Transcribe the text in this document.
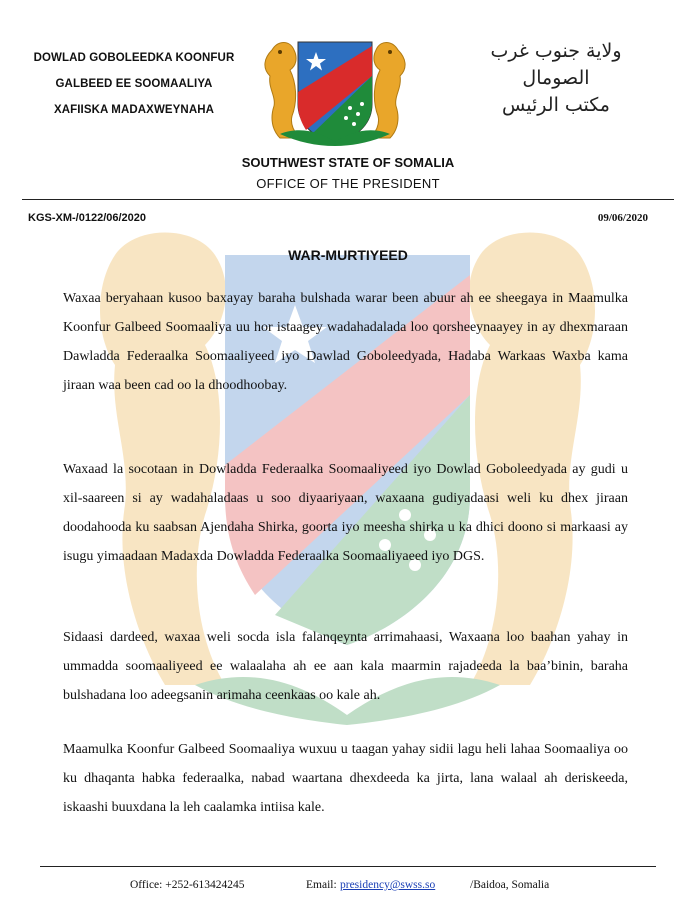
DOWLAD GOBOLEEDKA KOONFUR
GALBEED EE SOOMAALIYA
XAFIISKA MADAXWEYNAHA
ولاية جنوب غرب
الصومال
مكتب الرئيس
SOUTHWEST STATE OF SOMALIA
OFFICE OF THE PRESIDENT
KGS-XM-/0122/06/2020	09/06/2020
WAR-MURTIYEED

Waxaa beryahaan kusoo baxayay baraha bulshada warar been abuur ah ee sheegaya in Maamulka Koonfur Galbeed Soomaaliya uu hor istaagey wadahadalada loo qorsheeynaayey in ay dhexmaraan Dawladda Federaalka Soomaaliyeed iyo Dawlad Goboleedyada, Hadaba Warkaas Waxba kama jiraan waa been cad oo la dhoodhoobay.

Waxaad la socotaan in Dowladda Federaalka Soomaaliyeed iyo Dowlad Goboleedyada ay gudi u xil-saareen si ay wadahaladaas u soo diyaariyaan, waxaana gudiyadaasi weli ku dhex jiraan doodahooda ku saabsan Ajendaha Shirka, goorta iyo meesha shirka u ka dhici doono si markaasi ay isugu yimaadaan Madaxda Dowladda Federaalka Soomaaliyaeed iyo DGS.

Sidaasi dardeed, waxaa weli socda isla falanqeynta arrimahaasi, Waxaana loo baahan yahay in ummadda soomaaliyeed ee walaalaha ah ee aan kala maarmin rajadeeda la baa’binin, baraha bulshadana loo adeegsanin arimaha ceenkaas oo kale ah.

Maamulka Koonfur Galbeed Soomaaliya wuxuu u taagan yahay sidii lagu heli lahaa Soomaaliya oo ku dhaqanta habka federaalka, nabad waartana dhexdeeda ka jirta, lana walaal ah deriskeeda, iskaashi buuxdana la leh caalamka intiisa kale.

Office: +252-613424245	Email: presidency@swss.so	/Baidoa, Somalia
